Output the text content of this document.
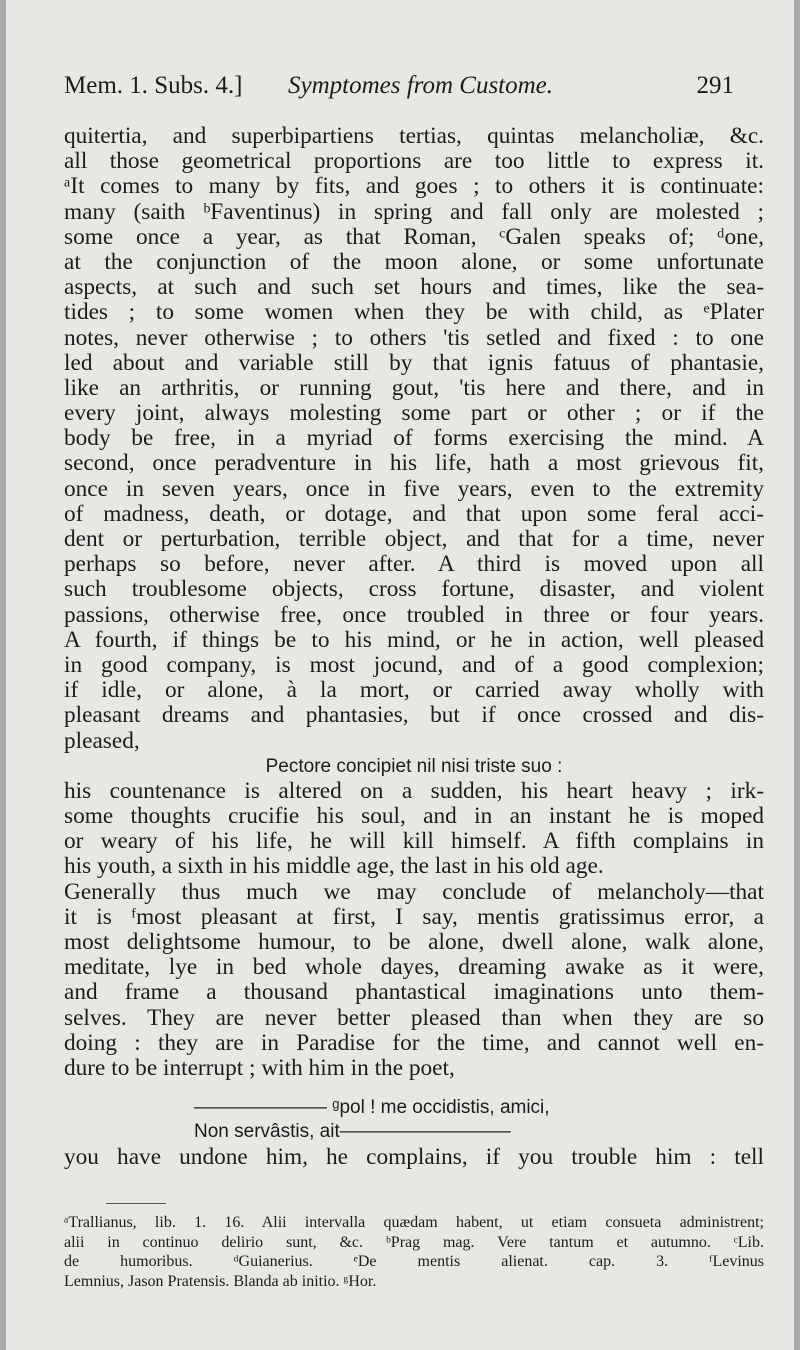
Mem. 1. Subs. 4.] Symptomes from Custome.	291
quitertia, and superbipartiens tertias, quintas melancholiæ, &c.
all those geometrical proportions are too little to express it.
ᵃIt comes to many by fits, and goes ; to others it is continuate:
many (saith ᵇFaventinus) in spring and fall only are molested ;
some once a year, as that Roman, ᶜGalen speaks of; ᵈone,
at the conjunction of the moon alone, or some unfortunate
aspects, at such and such set hours and times, like the sea-
tides ; to some women when they be with child, as ᵉPlater
notes, never otherwise ; to others 'tis setled and fixed : to one
led about and variable still by that ignis fatuus of phantasie,
like an arthritis, or running gout, 'tis here and there, and in
every joint, always molesting some part or other ; or if the
body be free, in a myriad of forms exercising the mind. A
second, once peradventure in his life, hath a most grievous fit,
once in seven years, once in five years, even to the extremity
of madness, death, or dotage, and that upon some feral acci-
dent or perturbation, terrible object, and that for a time, never
perhaps so before, never after. A third is moved upon all
such troublesome objects, cross fortune, disaster, and violent
passions, otherwise free, once troubled in three or four years.
A fourth, if things be to his mind, or he in action, well pleased
in good company, is most jocund, and of a good complexion;
if idle, or alone, à la mort, or carried away wholly with
pleasant dreams and phantasies, but if once crossed and dis-
pleased,
Pectore concipiet nil nisi triste suo :
his countenance is altered on a sudden, his heart heavy ; irk-
some thoughts crucifie his soul, and in an instant he is moped
or weary of his life, he will kill himself. A fifth complains in
his youth, a sixth in his middle age, the last in his old age.
Generally thus much we may conclude of melancholy—that
it is ᶠmost pleasant at first, I say, mentis gratissimus error, a
most delightsome humour, to be alone, dwell alone, walk alone,
meditate, lye in bed whole dayes, dreaming awake as it were,
and frame a thousand phantastical imaginations unto them-
selves. They are never better pleased than when they are so
doing : they are in Paradise for the time, and cannot well en-
dure to be interrupt ; with him in the poet,
——————— ᵍpol ! me occidistis, amici,
Non servâstis, ait—————————
you have undone him, he complains, if you trouble him : tell
ᵃTrallianus, lib. 1. 16. Alii intervalla quædam habent, ut etiam consueta administrent;
alii in continuo delirio sunt, &c. ᵇPrag mag. Vere tantum et autumno. ᶜLib.
de humoribus. ᵈGuianerius. ᵉDe mentis alienat. cap. 3. ᶠLevinus
Lemnius, Jason Pratensis. Blanda ab initio. ᵍHor.
